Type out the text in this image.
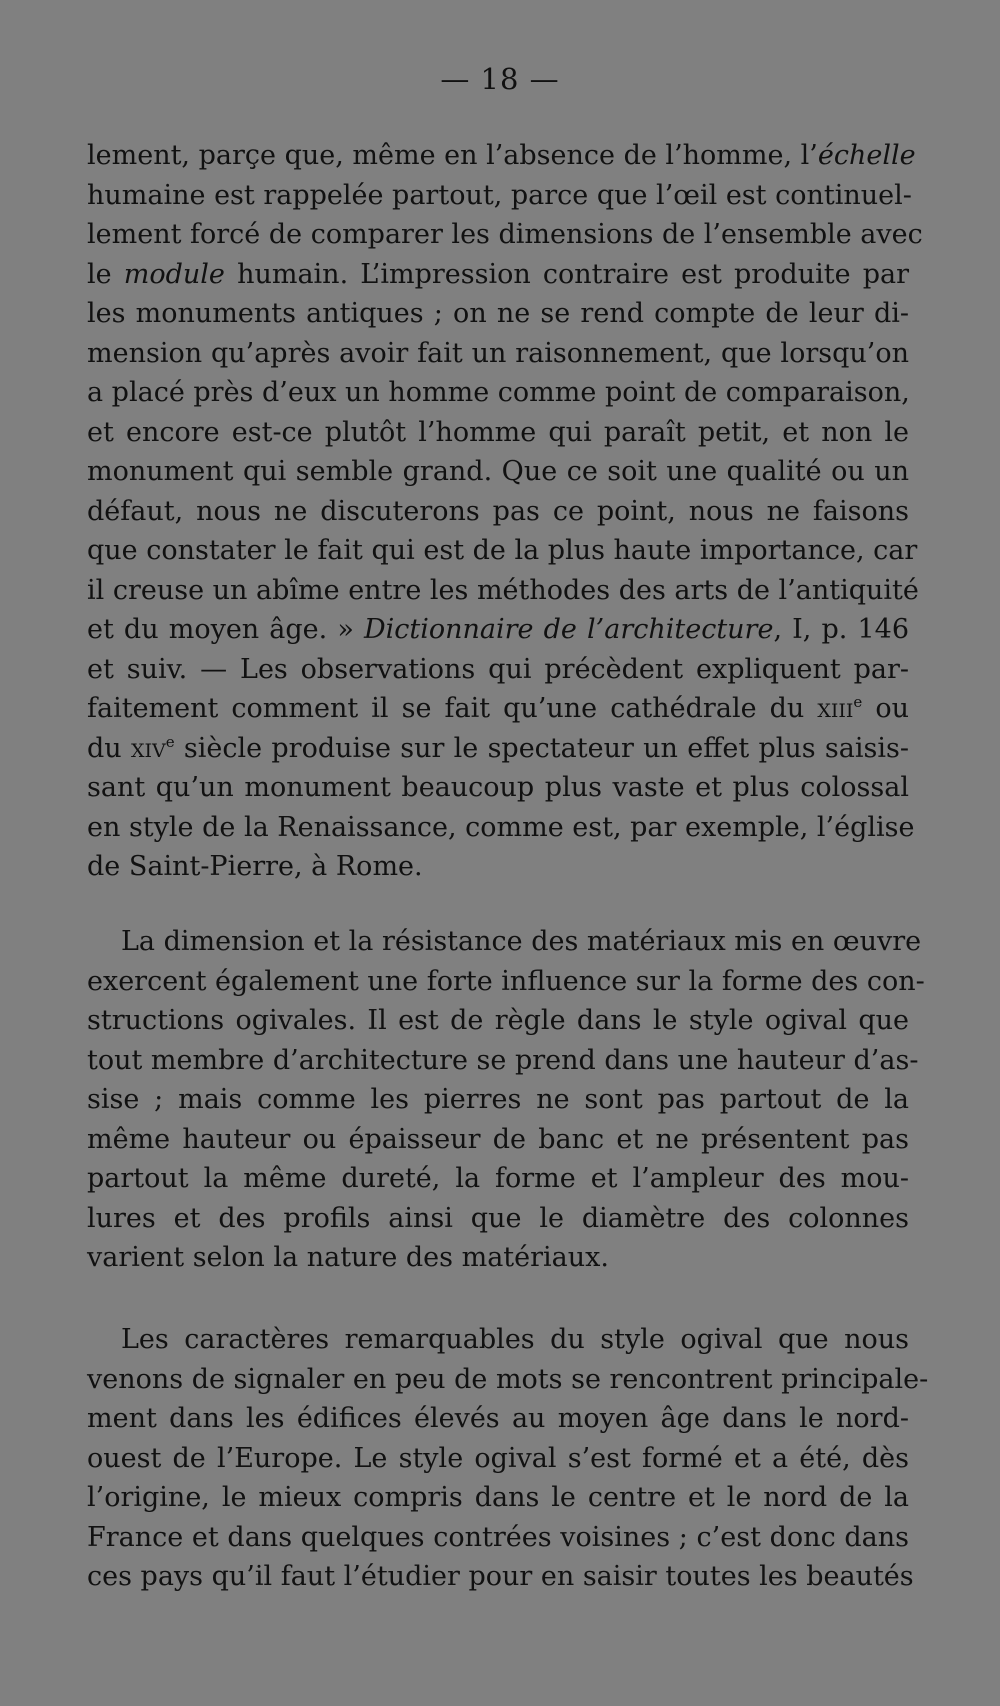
— 18 —
lement, parçe que, même en l’absence de l’homme, l’échelle
humaine est rappelée partout, parce que l’œil est continuel-
lement forcé de comparer les dimensions de l’ensemble avec
le module humain. L’impression contraire est produite par
les monuments antiques ; on ne se rend compte de leur di-
mension qu’après avoir fait un raisonnement, que lorsqu’on
a placé près d’eux un homme comme point de comparaison,
et encore est-ce plutôt l’homme qui paraît petit, et non le
monument qui semble grand. Que ce soit une qualité ou un
défaut, nous ne discuterons pas ce point, nous ne faisons
que constater le fait qui est de la plus haute importance, car
il creuse un abîme entre les méthodes des arts de l’antiquité
et du moyen âge. » Dictionnaire de l’architecture, I, p. 146
et suiv. — Les observations qui précèdent expliquent par-
faitement comment il se fait qu’une cathédrale du xiii$^e$ ou
du xiv$^e$ siècle produise sur le spectateur un effet plus saisis-
sant qu’un monument beaucoup plus vaste et plus colossal
en style de la Renaissance, comme est, par exemple, l’église
de Saint-Pierre, à Rome.
La dimension et la résistance des matériaux mis en œuvre
exercent également une forte influence sur la forme des con-
structions ogivales. Il est de règle dans le style ogival que
tout membre d’architecture se prend dans une hauteur d’as-
sise ; mais comme les pierres ne sont pas partout de la
même hauteur ou épaisseur de banc et ne présentent pas
partout la même dureté, la forme et l’ampleur des mou-
lures et des profils ainsi que le diamètre des colonnes
varient selon la nature des matériaux.
Les caractères remarquables du style ogival que nous
venons de signaler en peu de mots se rencontrent principale-
ment dans les édifices élevés au moyen âge dans le nord-
ouest de l’Europe. Le style ogival s’est formé et a été, dès
l’origine, le mieux compris dans le centre et le nord de la
France et dans quelques contrées voisines ; c’est donc dans
ces pays qu’il faut l’étudier pour en saisir toutes les beautés
